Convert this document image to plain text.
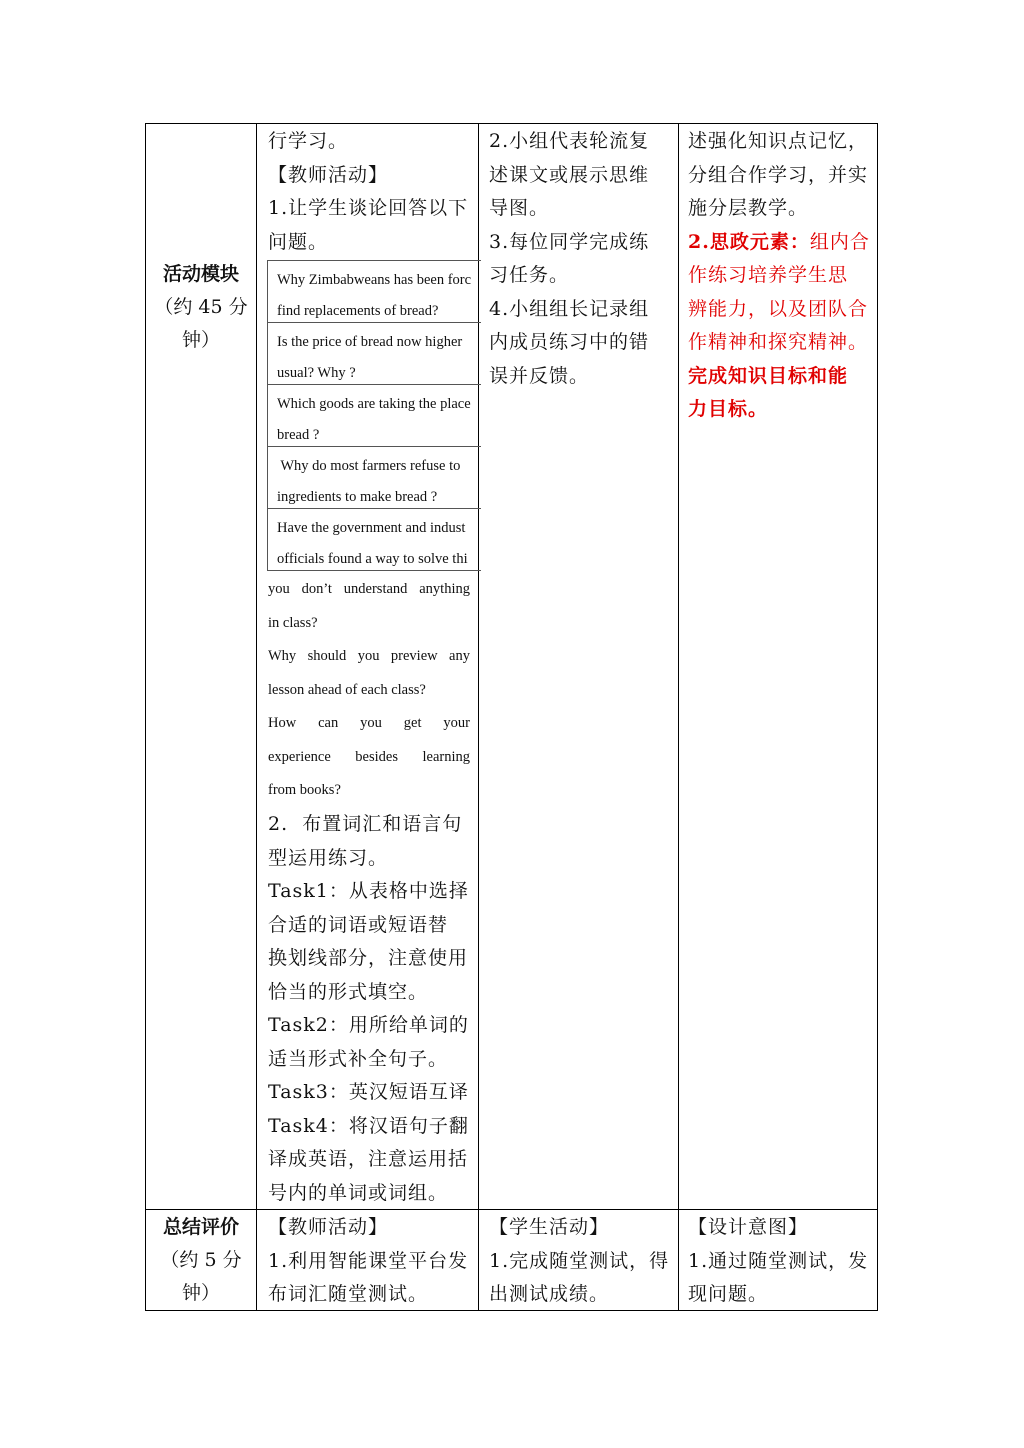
活动模块
（约 45 分
钟）
行学习。
【教师活动】
1.让学生谈论回答以下
问题。
Why Zimbabweans has been forc
find replacements of bread?
Is the price of bread now higher
usual? Why ?
Which goods are taking the place
bread ?
Why do most farmers refuse to
ingredients to make bread ?
Have the government and indust
officials found a way to solve thi
you don’t understand anything
in class?
Why should you preview any
lesson ahead of each class?
How    can    you    get    your
experience     besides     learning
from books?
2.  布置词汇和语言句
型运用练习。
Task1：从表格中选择
合适的词语或短语替
换划线部分，注意使用
恰当的形式填空。
Task2：用所给单词的
适当形式补全句子。
Task3：英汉短语互译
Task4：将汉语句子翻
译成英语，注意运用括
号内的单词或词组。
2.小组代表轮流复
述课文或展示思维
导图。
3.每位同学完成练
习任务。
4.小组组长记录组
内成员练习中的错
误并反馈。
述强化知识点记忆，
分组合作学习，并实
施分层教学。
2.思政元素：组内合
作练习培养学生思
辨能力，以及团队合
作精神和探究精神。
完成知识目标和能
力目标。
总结评价
（约 5 分
钟）
【教师活动】
1.利用智能课堂平台发
布词汇随堂测试。
【学生活动】
1.完成随堂测试，得
出测试成绩。
【设计意图】
1.通过随堂测试，发
现问题。
